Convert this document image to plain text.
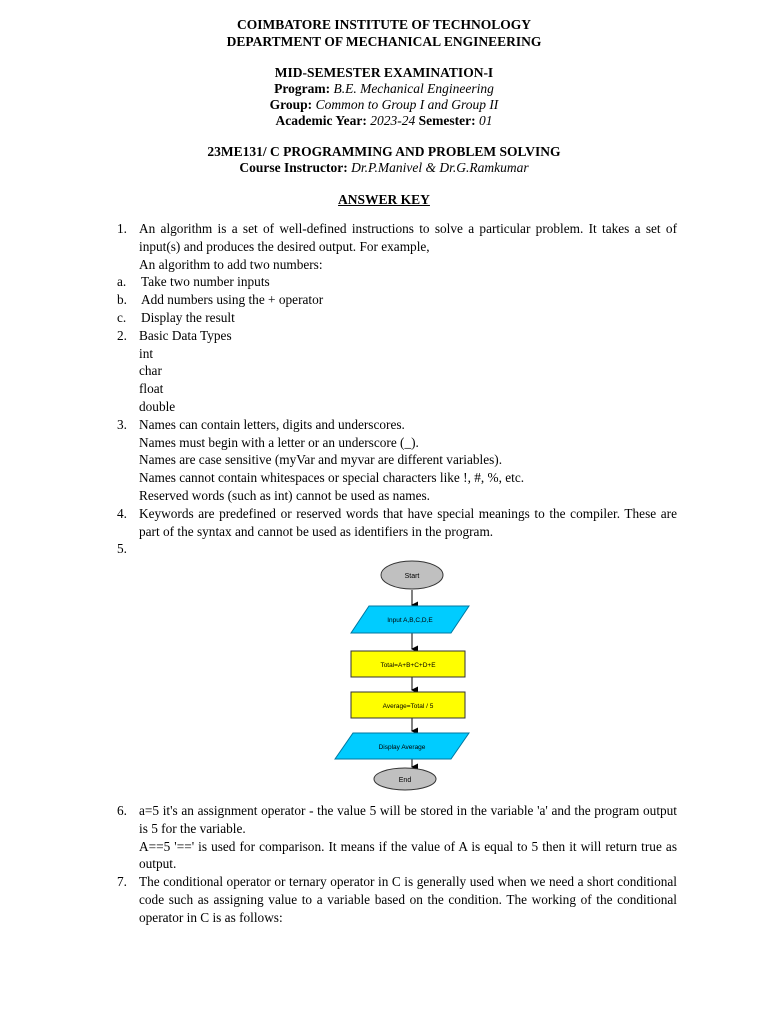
COIMBATORE INSTITUTE OF TECHNOLOGY
DEPARTMENT OF MECHANICAL ENGINEERING
MID-SEMESTER EXAMINATION-I
Program: B.E. Mechanical Engineering
Group: Common to Group I and Group II
Academic Year: 2023-24 Semester: 01
23ME131/ C PROGRAMMING AND PROBLEM SOLVING
Course Instructor: Dr.P.Manivel & Dr.G.Ramkumar
ANSWER KEY
1. An algorithm is a set of well-defined instructions to solve a particular problem. It takes a set of input(s) and produces the desired output. For example,
An algorithm to add two numbers:
a. Take two number inputs
b. Add numbers using the + operator
c. Display the result
2. Basic Data Types
int
char
float
double
3. Names can contain letters, digits and underscores.
Names must begin with a letter or an underscore (_).
Names are case sensitive (myVar and myvar are different variables).
Names cannot contain whitespaces or special characters like !, #, %, etc.
Reserved words (such as int) cannot be used as names.
4. Keywords are predefined or reserved words that have special meanings to the compiler. These are part of the syntax and cannot be used as identifiers in the program.
5.

Start
Input A,B,C,D,E
Total=A+B+C+D+E
Average=Total / 5
Display Average
End
6. a=5 it's an assignment operator - the value 5 will be stored in the variable 'a' and the program output is 5 for the variable.
A==5 '==' is used for comparison. It means if the value of A is equal to 5 then it will return true as output.
7. The conditional operator or ternary operator in C is generally used when we need a short conditional code such as assigning value to a variable based on the condition. The working of the conditional operator in C is as follows:
